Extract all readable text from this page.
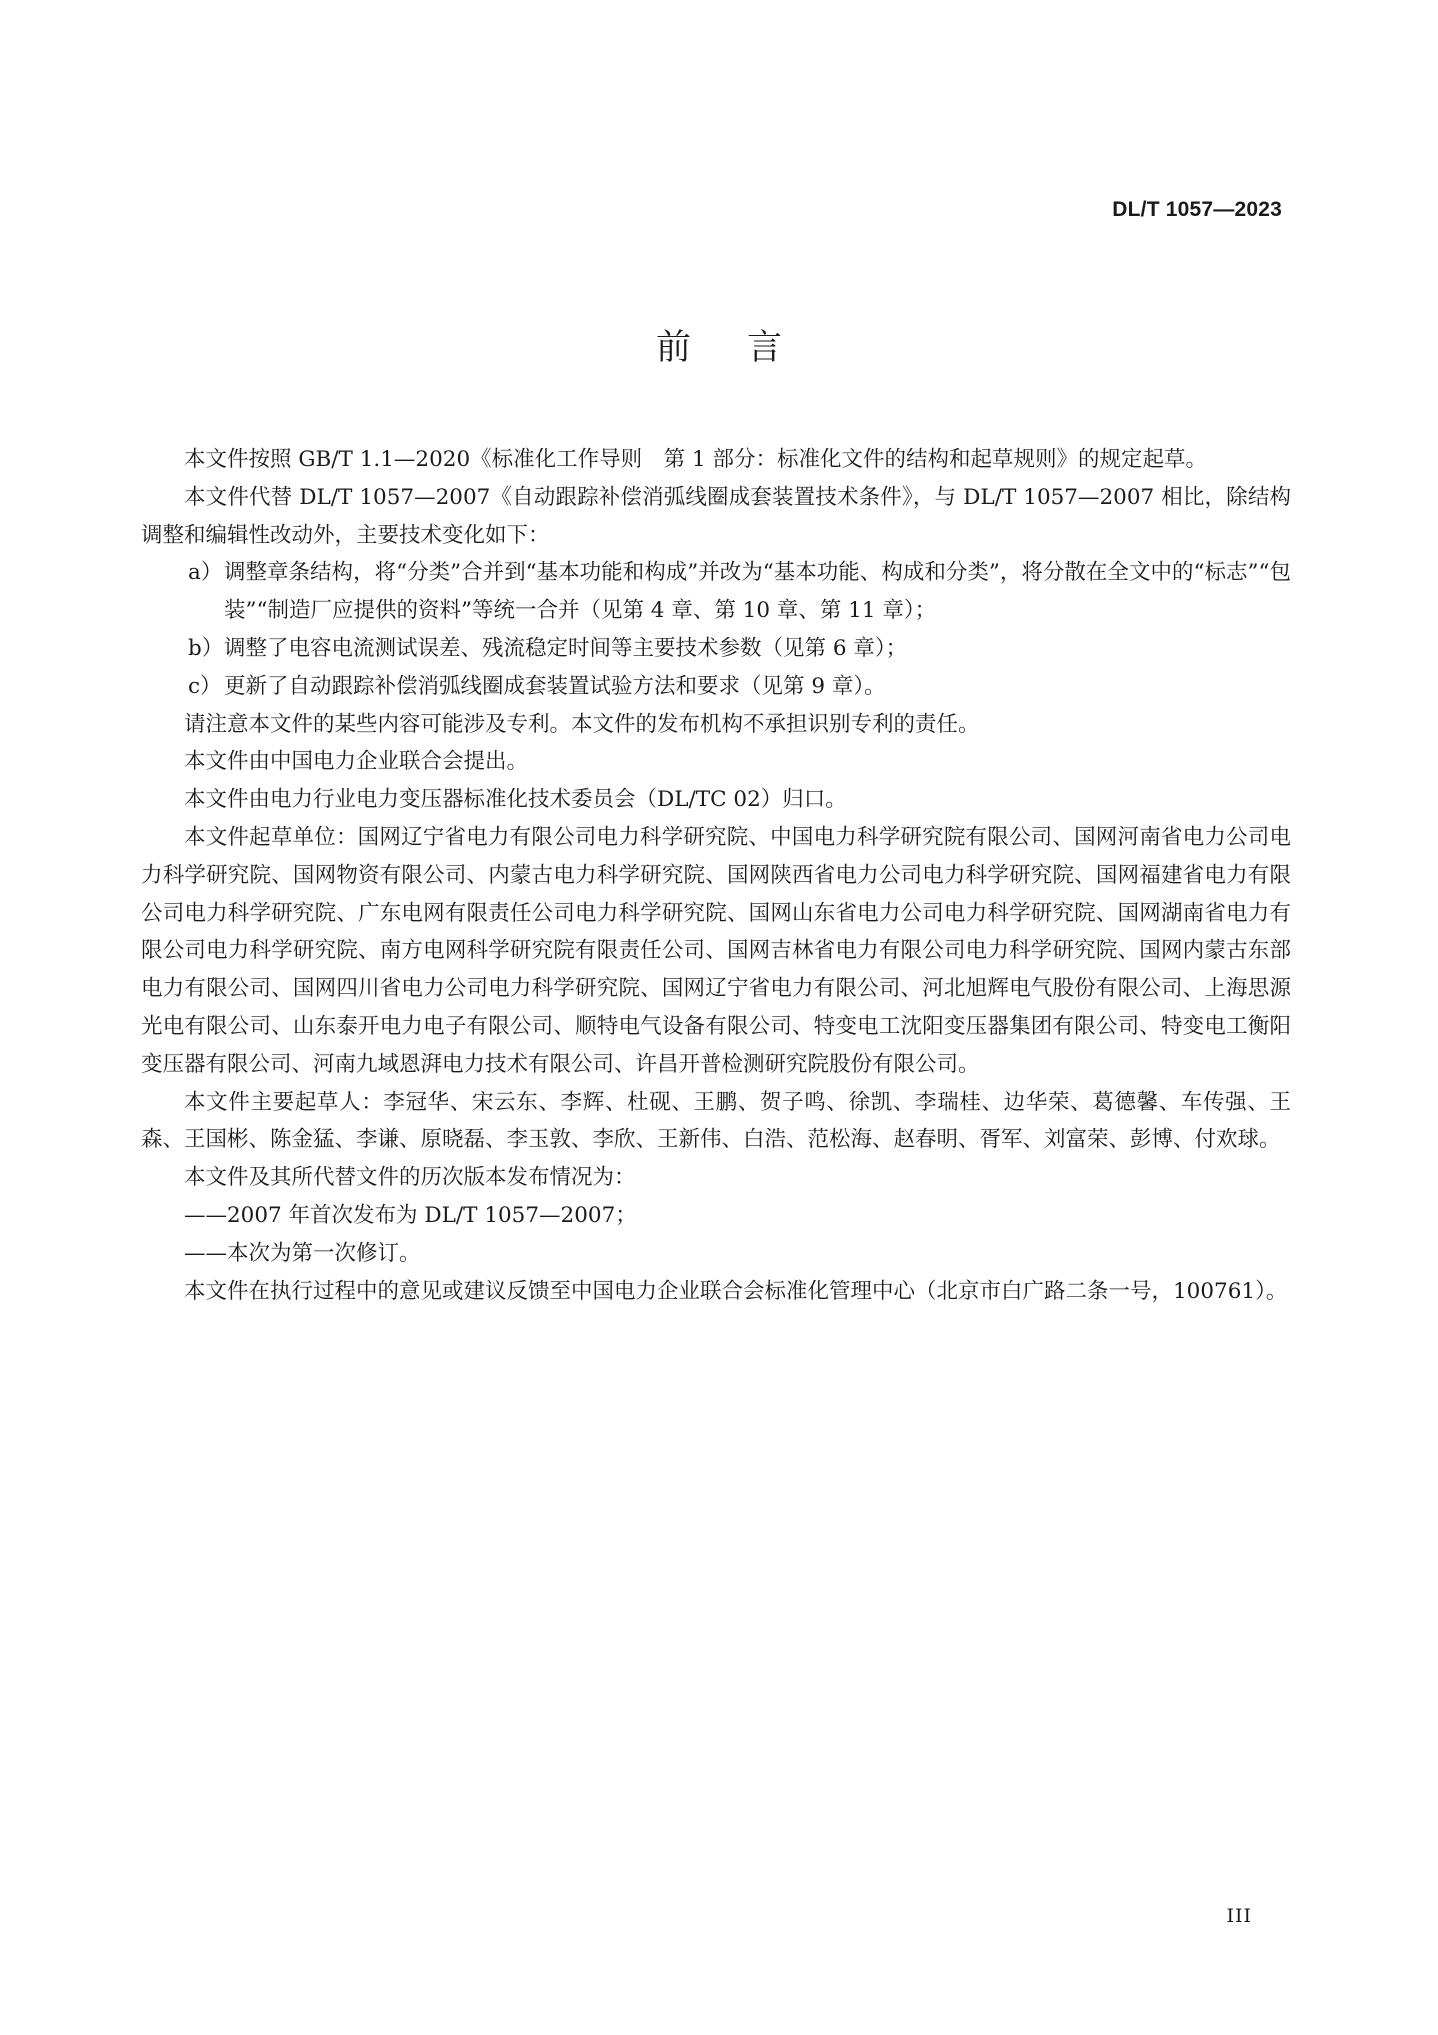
DL/T 1057—2023
前言

本文件按照 GB/T 1.1—2020《标准化工作导则　第 1 部分：标准化文件的结构和起草规则》的规定起草。

本文件代替 DL/T 1057—2007《自动跟踪补偿消弧线圈成套装置技术条件》，与 DL/T 1057—2007 相比，除结构调整和编辑性改动外，主要技术变化如下：

a） 调整章条结构，将“分类”合并到“基本功能和构成”并改为“基本功能、构成和分类”，将分散在全文中的“标志”“包装”“制造厂应提供的资料”等统一合并（见第 4 章、第 10 章、第 11 章）；
b） 调整了电容电流测试误差、残流稳定时间等主要技术参数（见第 6 章）；
c） 更新了自动跟踪补偿消弧线圈成套装置试验方法和要求（见第 9 章）。

请注意本文件的某些内容可能涉及专利。本文件的发布机构不承担识别专利的责任。

本文件由中国电力企业联合会提出。

本文件由电力行业电力变压器标准化技术委员会（DL/TC 02）归口。

本文件起草单位：国网辽宁省电力有限公司电力科学研究院、中国电力科学研究院有限公司、国网河南省电力公司电力科学研究院、国网物资有限公司、内蒙古电力科学研究院、国网陕西省电力公司电力科学研究院、国网福建省电力有限公司电力科学研究院、广东电网有限责任公司电力科学研究院、国网山东省电力公司电力科学研究院、国网湖南省电力有限公司电力科学研究院、南方电网科学研究院有限责任公司、国网吉林省电力有限公司电力科学研究院、国网内蒙古东部电力有限公司、国网四川省电力公司电力科学研究院、国网辽宁省电力有限公司、河北旭辉电气股份有限公司、上海思源光电有限公司、山东泰开电力电子有限公司、顺特电气设备有限公司、特变电工沈阳变压器集团有限公司、特变电工衡阳变压器有限公司、河南九域恩湃电力技术有限公司、许昌开普检测研究院股份有限公司。

本文件主要起草人：李冠华、宋云东、李辉、杜砚、王鹏、贺子鸣、徐凯、李瑞桂、边华荣、葛德馨、车传强、王森、王国彬、陈金猛、李谦、原晓磊、李玉敦、李欣、王新伟、白浩、范松海、赵春明、胥军、刘富荣、彭博、付欢球。

本文件及其所代替文件的历次版本发布情况为：

——2007 年首次发布为 DL/T 1057—2007；

——本次为第一次修订。

本文件在执行过程中的意见或建议反馈至中国电力企业联合会标准化管理中心（北京市白广路二条一号，100761）。

III
